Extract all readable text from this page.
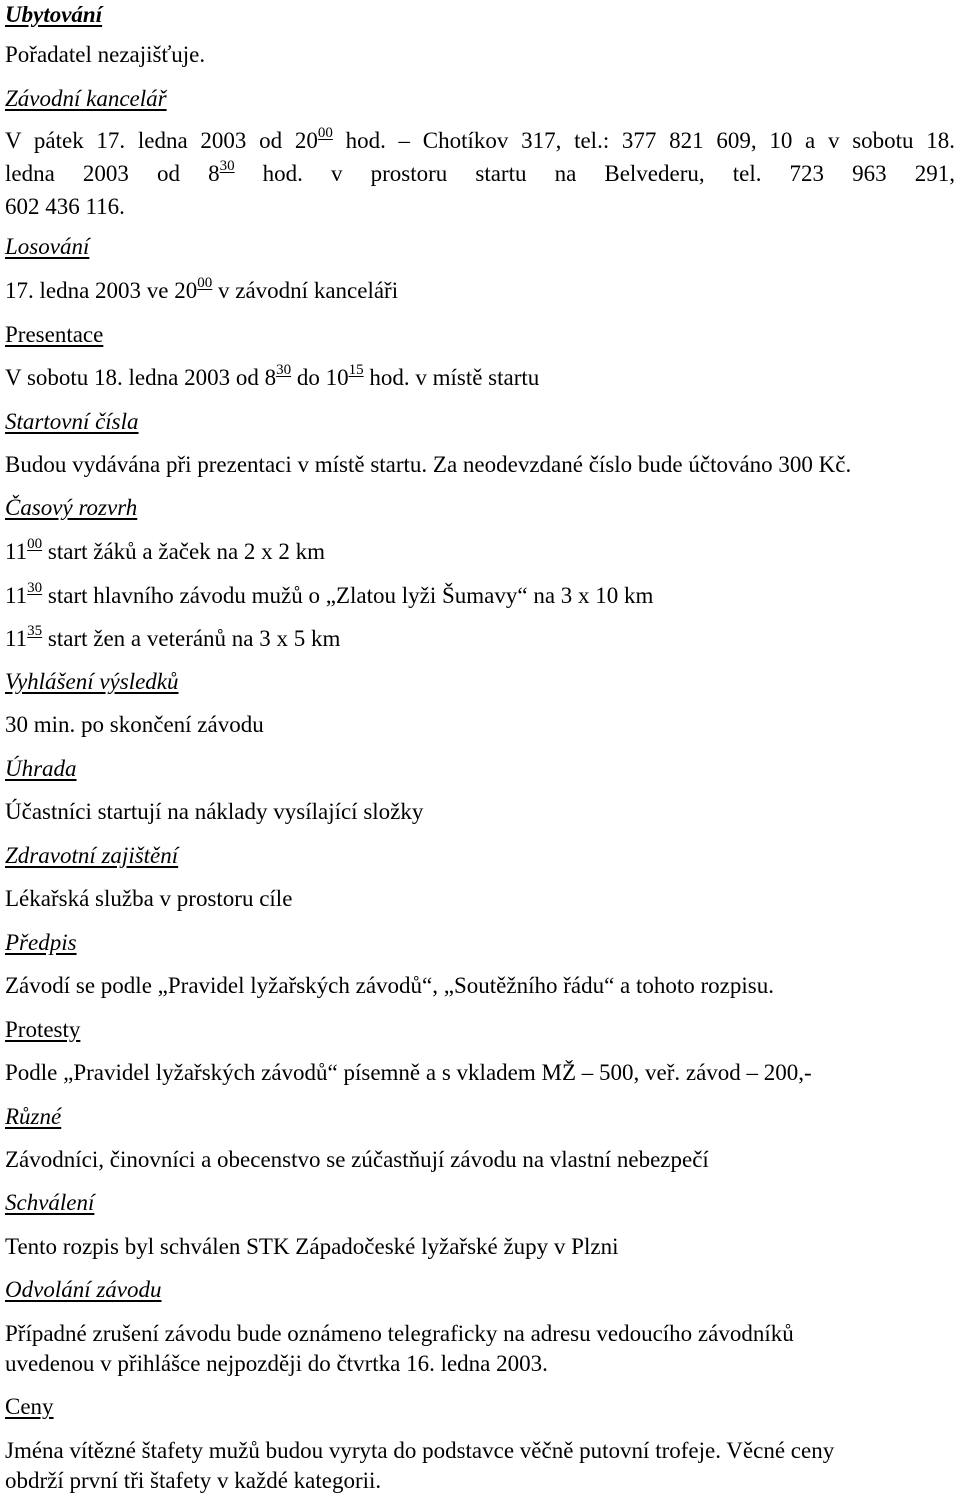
Ubytování

Pořadatel nezajišťuje.

Závodní kancelář

V pátek 17. ledna 2003 od $20^{00}$ hod. – Chotíkov 317, tel.: 377 821 609, 10 a v sobotu 18.
ledna 2003 od $8^{30}$ hod. v prostoru startu na Belvederu, tel. 723 963 291,
602 436 116.

Losování

17. ledna 2003 ve $20^{00}$ v závodní kanceláři

Presentace

V sobotu 18. ledna 2003 od $8^{30}$ do $10^{15}$ hod. v místě startu

Startovní čísla

Budou vydávána při prezentaci v místě startu. Za neodevzdané číslo bude účtováno 300 Kč.

Časový rozvrh

$11^{00}$ start žáků a žaček na 2 x 2 km

$11^{30}$ start hlavního závodu mužů o „Zlatou lyži Šumavy“ na 3 x 10 km

$11^{35}$ start žen a veteránů na 3 x 5 km

Vyhlášení výsledků

30 min. po skončení závodu

Úhrada

Účastníci startují na náklady vysílající složky

Zdravotní zajištění

Lékařská služba v prostoru cíle

Předpis

Závodí se podle „Pravidel lyžařských závodů“, „Soutěžního řádu“ a tohoto rozpisu.

Protesty

Podle „Pravidel lyžařských závodů“ písemně a s vkladem MŽ – 500, veř. závod – 200,-

Různé

Závodníci, činovníci a obecenstvo se zúčastňují závodu na vlastní nebezpečí

Schválení

Tento rozpis byl schválen STK Západočeské lyžařské župy v Plzni

Odvolání závodu

Případné zrušení závodu bude oznámeno telegraficky na adresu vedoucího závodníků

uvedenou v přihlášce nejpozději do čtvrtka 16. ledna 2003.

Ceny

Jména vítězné štafety mužů budou vyryta do podstavce věčně putovní trofeje. Věcné ceny

obdrží první tři štafety v každé kategorii.
